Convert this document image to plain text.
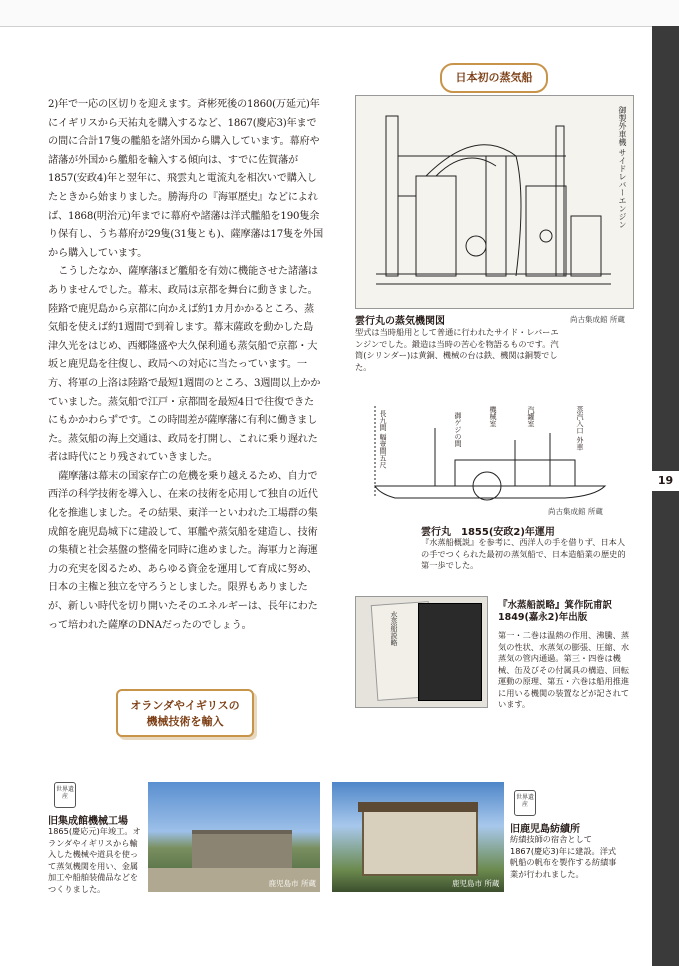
19

2)年で一応の区切りを迎えます。斉彬死後の1860(万延元)年にイギリスから天祐丸を購入するなど、1867(慶応3)年までの間に合計17隻の艦船を諸外国から購入しています。幕府や諸藩が外国から艦船を輸入する傾向は、すでに佐賀藩が1857(安政4)年と翌年に、飛雲丸と電流丸を相次いで購入したときから始まりました。勝海舟の『海軍歴史』などによれば、1868(明治元)年までに幕府や諸藩は洋式艦船を190隻余り保有し、うち幕府が29隻(31隻とも)、薩摩藩は17隻を外国から購入しています。

こうしたなか、薩摩藩ほど艦船を有効に機能させた諸藩はありませんでした。幕末、政局は京都を舞台に動きました。陸路で鹿児島から京都に向かえば約1カ月かかるところ、蒸気船を使えば約1週間で到着します。幕末薩政を動かした島津久光をはじめ、西郷隆盛や大久保利通も蒸気船で京都・大坂と鹿児島を往復し、政局への対応に当たっています。一方、将軍の上洛は陸路で最短1週間のところ、3週間以上かかていました。蒸気船で江戸・京都間を最短4日で往復できたにもかかわらずです。この時間差が薩摩藩に有利に働きました。蒸気船の海上交通は、政局を打開し、これに乗り遅れた者は時代にとり残されていきました。

薩摩藩は幕末の国家存亡の危機を乗り越えるため、自力で西洋の科学技術を導入し、在来の技術を応用して独自の近代化を推進しました。その結果、東洋一といわれた工場群の集成館を鹿児島城下に建設して、軍艦や蒸気船を建造し、技術の集積と社会基盤の整備を同時に進めました。海軍力と海運力の充実を図るため、あらゆる資金を運用して育成に努め、日本の主権と独立を守ろうとしました。限界もありましたが、新しい時代を切り開いたそのエネルギーは、長年にわたって培われた薩摩のDNAだったのでしょう。

日本初の蒸気船
御製外車機 サイドレバーエンジン
雲行丸の蒸気機関図	尚古集成館 所蔵
型式は当時船用として普通に行われたサイド・レバーエンジンでした。鍛造は当時の苦心を物語るものです。汽筒(シリンダー)は黄銅、機械の台は鉄、機関は銅製でした。
長九間 幅壹間五尺	御ゲジの間	機械室	汽罐室	蒸汽入口 外車
尚古集成館 所蔵
雲行丸　1855(安政2)年運用
『水蒸船概説』を参考に、西洋人の手を借りず、日本人の手でつくられた最初の蒸気船で、日本造船業の歴史的第一歩でした。
水蒸船説略
『水蒸船説略』箕作阮甫訳 1849(嘉永2)年出版
第一・二巻は温熱の作用、沸騰、蒸気の性状、水蒸気の膨張、圧縮、水蒸気の管内通過。第三・四巻は機械、缶及びその付属具の構造、回転運動の原理、第五・六巻は船用推進に用いる機関の装置などが記されています。
オランダやイギリスの
機械技術を輸入
世界遺産
旧集成館機械工場
1865(慶応元)年竣工。オランダやイギリスから輸入した機械や道具を使って蒸気機関を用い、金属加工や船舶装備品などをつくりました。	鹿児島市 所蔵	鹿児島市 所蔵
世界遺産
旧鹿児島紡績所
紡績技師の宿舎として1867(慶応3)年に建設。洋式帆船の帆布を製作する紡績事業が行われました。
